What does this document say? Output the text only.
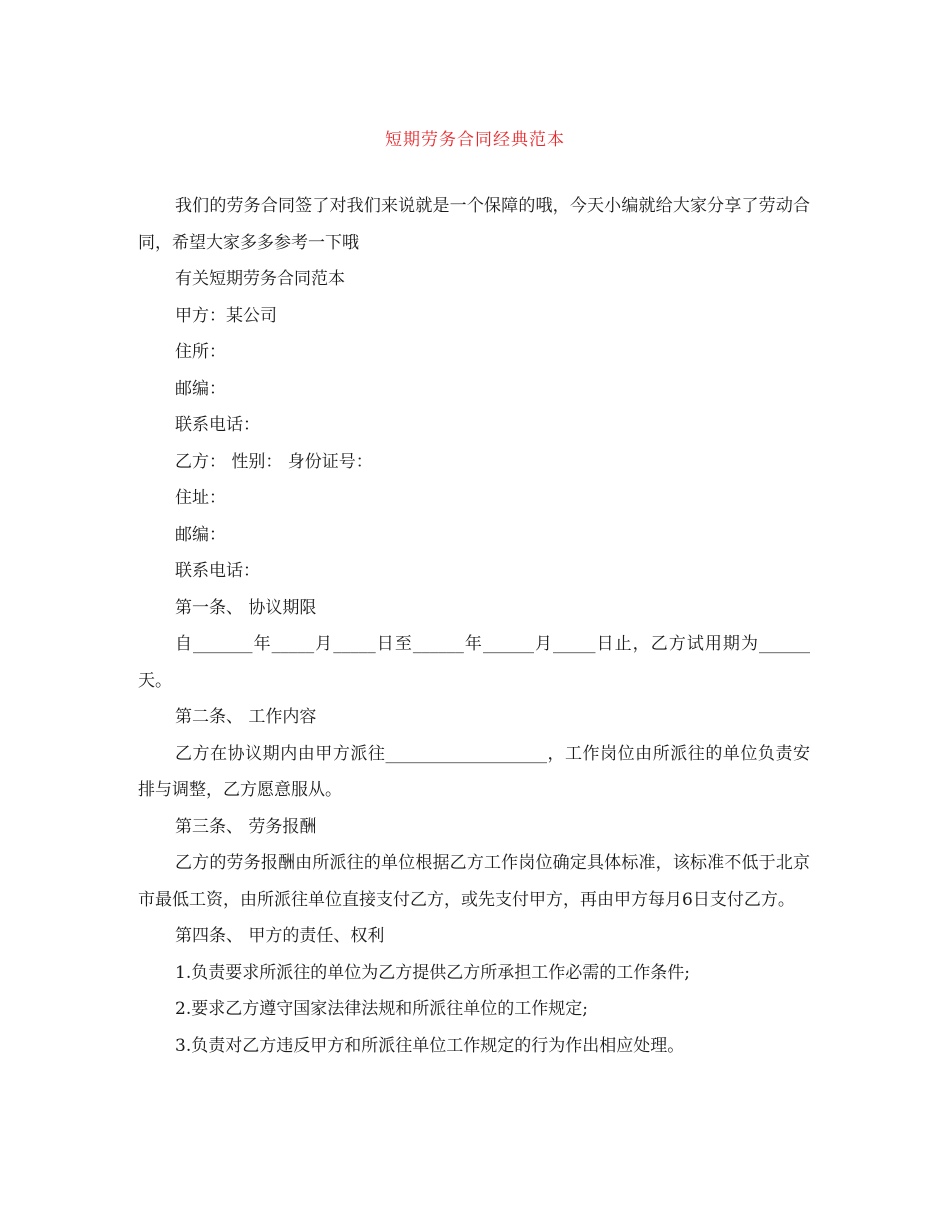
短期劳务合同经典范本

我们的劳务合同签了对我们来说就是一个保障的哦，今天小编就给大家分享了劳动合同，希望大家多多参考一下哦

有关短期劳务合同范本

甲方：某公司

住所：

邮编：

联系电话：

乙方： 性别： 身份证号：

住址：

邮编：

联系电话：

第一条、 协议期限

自_______年_____月_____日至______年______月_____日止，乙方试用期为______天。

第二条、 工作内容

乙方在协议期内由甲方派往___________________，工作岗位由所派往的单位负责安排与调整，乙方愿意服从。

第三条、 劳务报酬

乙方的劳务报酬由所派往的单位根据乙方工作岗位确定具体标准，该标准不低于北京市最低工资，由所派往单位直接支付乙方，或先支付甲方，再由甲方每月6日支付乙方。

第四条、 甲方的责任、权利

1.负责要求所派往的单位为乙方提供乙方所承担工作必需的工作条件;

2.要求乙方遵守国家法律法规和所派往单位的工作规定;

3.负责对乙方违反甲方和所派往单位工作规定的行为作出相应处理。
